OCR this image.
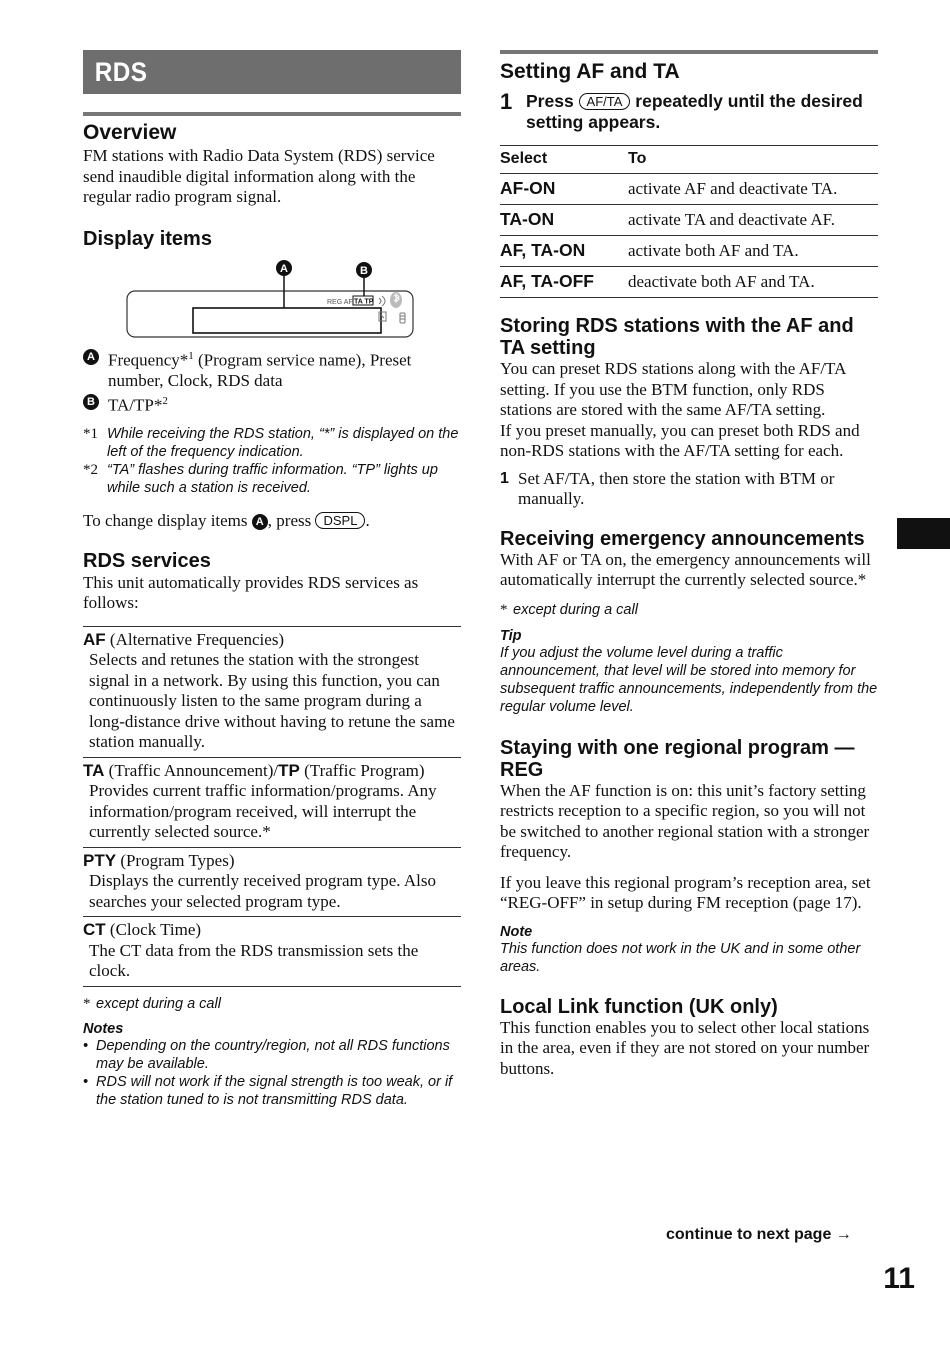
RDS
Overview

FM stations with Radio Data System (RDS) service send inaudible digital information along with the regular radio program signal.

Display items
A	B
REG AF TA TP
A Frequency*$^1$ (Program service name), Preset number, Clock, RDS data

B TA/TP*$^2$

*1 While receiving the RDS station, “*” is displayed on the left of the frequency indication.
*2 “TA” flashes during traffic information. “TP” lights up while such a station is received.

To change display items A , press DSPL .

RDS services

This unit automatically provides RDS services as follows:

AF (Alternative Frequencies)

Selects and retunes the station with the strongest signal in a network. By using this function, you can continuously listen to the same program during a long-distance drive without having to retune the same station manually.

TA (Traffic Announcement)/TP (Traffic Program)

Provides current traffic information/programs. Any information/program received, will interrupt the currently selected source.*

PTY (Program Types)

Displays the currently received program type. Also searches your selected program type.

CT (Clock Time)

The CT data from the RDS transmission sets the clock.

* except during a call
Notes
• Depending on the country/region, not all RDS functions may be available.
• RDS will not work if the signal strength is too weak, or if the station tuned to is not transmitting RDS data.
Setting AF and TA
1 Press AF/TA repeatedly until the desired setting appears.
Select	To
AF-ON	activate AF and deactivate TA.
TA-ON	activate TA and deactivate AF.
AF, TA-ON	activate both AF and TA.
AF, TA-OFF	deactivate both AF and TA.
Storing RDS stations with the AF and TA setting

You can preset RDS stations along with the AF/TA setting. If you use the BTM function, only RDS stations are stored with the same AF/TA setting.

If you preset manually, you can preset both RDS and non-RDS stations with the AF/TA setting for each.

1 Set AF/TA, then store the station with BTM or manually.

Receiving emergency announcements

With AF or TA on, the emergency announcements will automatically interrupt the currently selected source.*

* except during a call
Tip
If you adjust the volume level during a traffic announcement, that level will be stored into memory for subsequent traffic announcements, independently from the regular volume level.
Staying with one regional program — REG

When the AF function is on: this unit’s factory setting restricts reception to a specific region, so you will not be switched to another regional station with a stronger frequency.

If you leave this regional program’s reception area, set “REG-OFF” in setup during FM reception (page 17).

Note
This function does not work in the UK and in some other areas.
Local Link function (UK only)

This function enables you to select other local stations in the area, even if they are not stored on your number buttons.

continue to next page →
11
